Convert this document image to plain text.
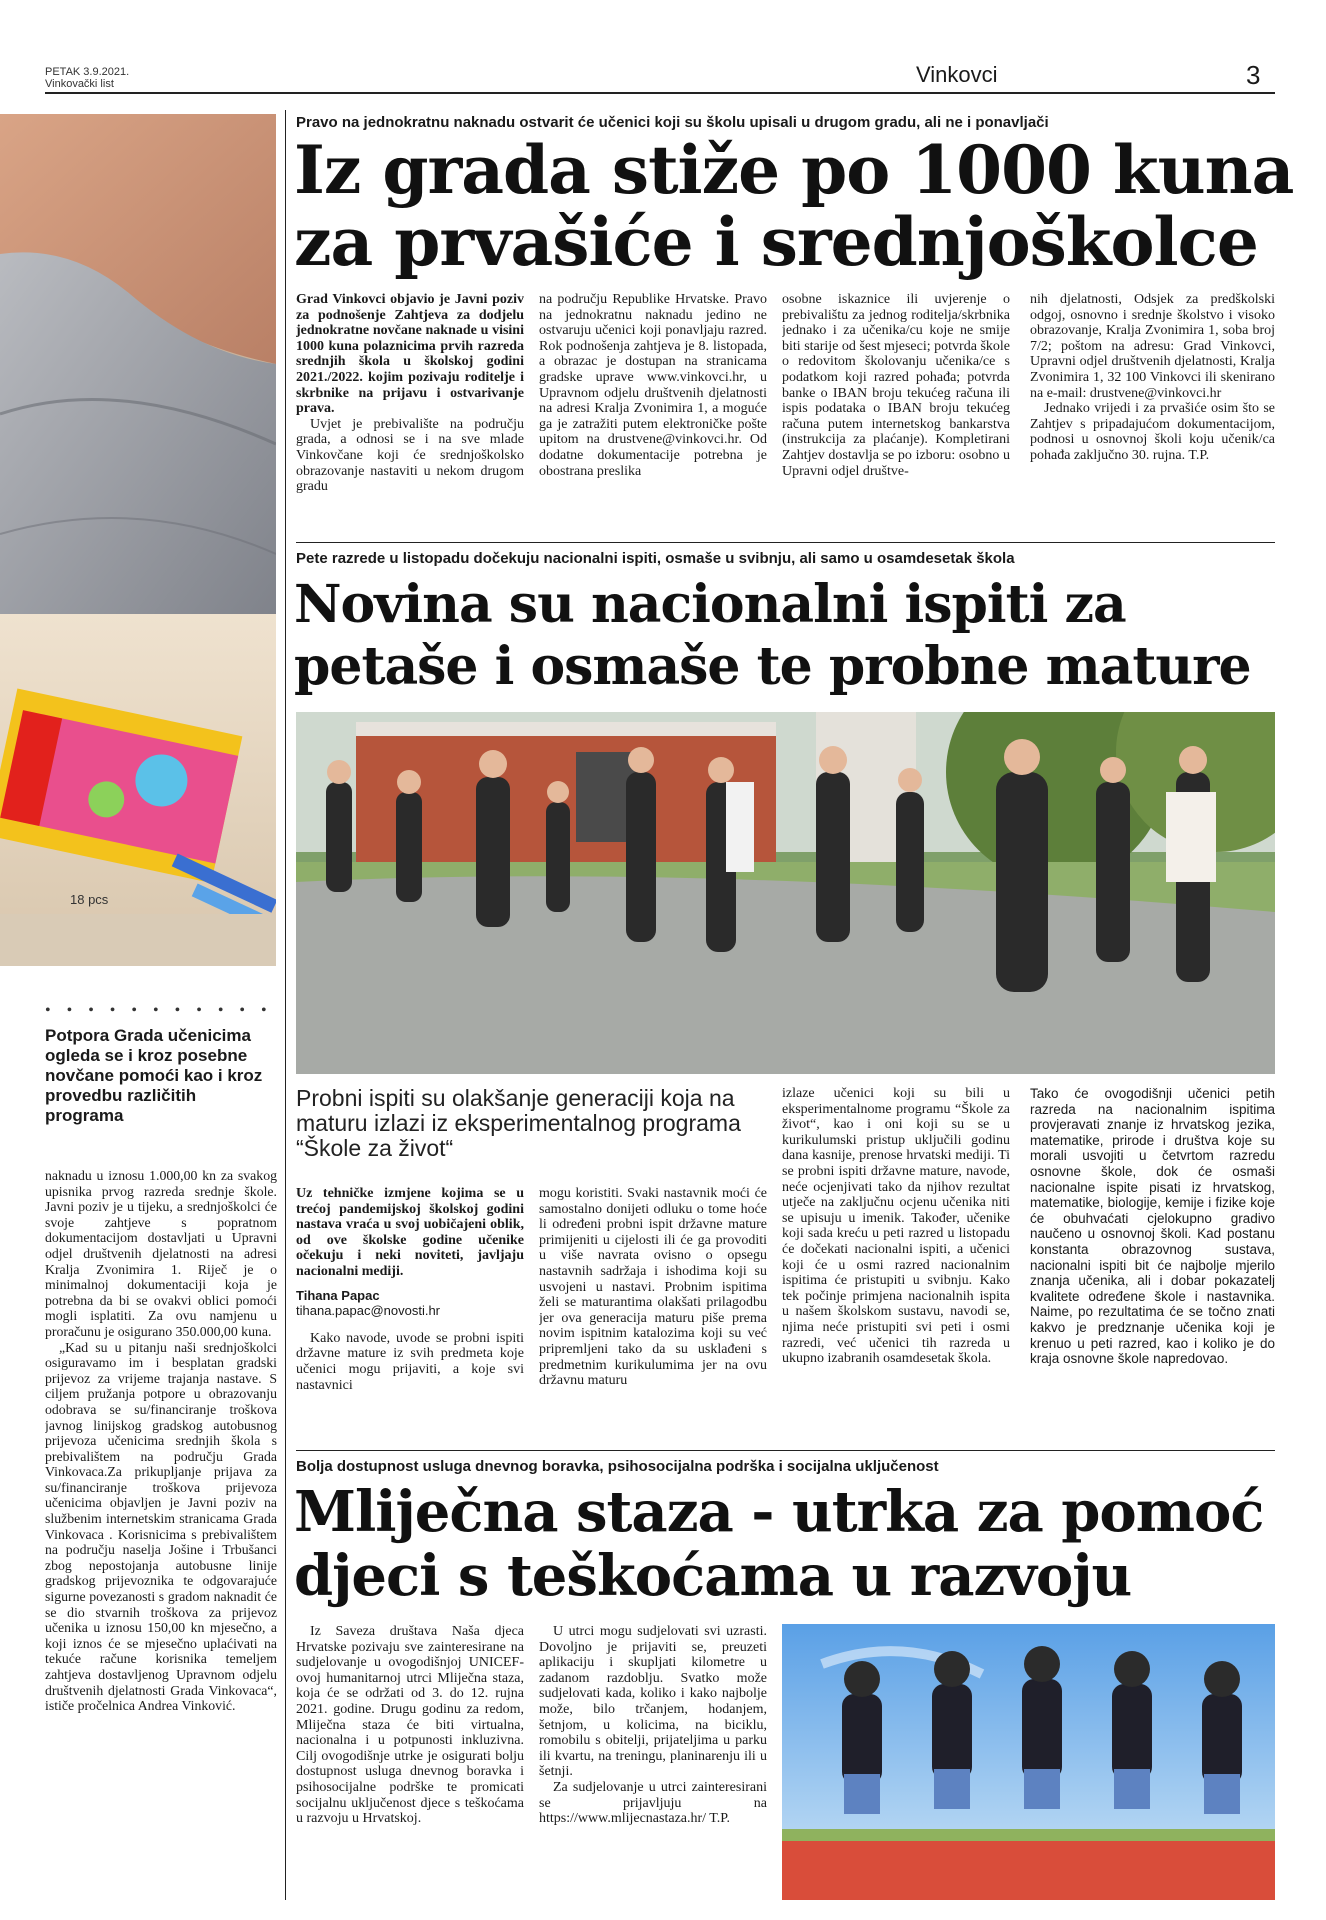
PETAK 3.9.2021.
Vinkovački list	Vinkovci	3
18 pcs
Pravo na jednokratnu naknadu ostvarit će učenici koji su školu upisali u drugom gradu, ali ne i ponavljači
Iz grada stiže po 1000 kuna
za prvašiće i srednjoškolce

Grad Vinkovci objavio je Javni poziv za podnošenje Zahtjeva za dodjelu jednokratne novčane naknade u visini 1000 kuna polaznicima prvih razreda srednjih škola u školskoj godini 2021./2022. kojim pozivaju roditelje i skrbnike na prijavu i ostvarivanje prava.

Uvjet je prebivalište na području grada, a odnosi se i na sve mlade Vinkovčane koji će srednjoškolsko obrazovanje nastaviti u nekom drugom gradu

na području Republike Hrvatske. Pravo na jednokratnu naknadu jedino ne ostvaruju učenici koji ponavljaju razred. Rok podnošenja zahtjeva je 8. listopada, a obrazac je dostupan na stranicama gradske uprave www.vinkovci.hr, u Upravnom odjelu društvenih djelatnosti na adresi Kralja Zvonimira 1, a moguće ga je zatražiti putem elektroničke pošte upitom na drustvene@vinkovci.hr. Od dodatne dokumentacije potrebna je obostrana preslika

osobne iskaznice ili uvjerenje o prebivalištu za jednog roditelja/skrbnika jednako i za učenika/cu koje ne smije biti starije od šest mjeseci; potvrda škole o redovitom školovanju učenika/ce s podatkom koji razred pohađa; potvrda banke o IBAN broju tekućeg računa ili ispis podataka o IBAN broju tekućeg računa putem internetskog bankarstva (instrukcija za plaćanje). Kompletirani Zahtjev dostavlja se po izboru: osobno u Upravni odjel društve-

nih djelatnosti, Odsjek za predškolski odgoj, osnovno i srednje školstvo i visoko obrazovanje, Kralja Zvonimira 1, soba broj 7/2; poštom na adresu: Grad Vinkovci, Upravni odjel društvenih djelatnosti, Kralja Zvonimira 1, 32 100 Vinkovci ili skenirano na e-mail: drustvene@vinkovci.hr

Jednako vrijedi i za prvašiće osim što se Zahtjev s pripadajućom dokumentacijom, podnosi u osnovnoj školi koju učenik/ca pohađa zaključno 30. rujna. T.P.

Pete razrede u listopadu dočekuju nacionalni ispiti, osmaše u svibnju, ali samo u osamdesetak škola
Novina su nacionalni ispiti za
petaše i osmaše te probne mature
Probni ispiti su olakšanje generaciji koja na maturu izlazi iz eksperimentalnog programa “Škole za život“

Uz tehničke izmjene kojima se u trećoj pandemijskoj školskoj godini nastava vraća u svoj uobičajeni oblik, od ove školske godine učenike očekuju i neki noviteti, javljaju nacionalni mediji.

Tihana Papac
tihana.papac@novosti.hr

Kako navode, uvode se probni ispiti državne mature iz svih predmeta koje učenici mogu prijaviti, a koje svi nastavnici

mogu koristiti. Svaki nastavnik moći će samostalno donijeti odluku o tome hoće li određeni probni ispit državne mature primijeniti u cijelosti ili će ga provoditi u više navrata ovisno o opsegu nastavnih sadržaja i ishodima koji su usvojeni u nastavi. Probnim ispitima želi se maturantima olakšati prilagodbu jer ova generacija maturu piše prema novim ispitnim katalozima koji su već pripremljeni tako da su usklađeni s predmetnim kurikulumima jer na ovu državnu maturu

izlaze učenici koji su bili u eksperimentalnome programu “Škole za život“, kao i oni koji su se u kurikulumski pristup uključili godinu dana kasnije, prenose hrvatski mediji. Ti se probni ispiti državne mature, navode, neće ocjenjivati tako da njihov rezultat utječe na zaključnu ocjenu učenika niti se upisuju u imenik. Također, učenike koji sada kreću u peti razred u listopadu će dočekati nacionalni ispiti, a učenici koji će u osmi razred nacionalnim ispitima će pristupiti u svibnju. Kako tek počinje primjena nacionalnih ispita u našem školskom sustavu, navodi se, njima neće pristupiti svi peti i osmi razredi, već učenici tih razreda u ukupno izabranih osamdesetak škola.

Tako će ovogodišnji učenici petih razreda na nacionalnim ispitima provjeravati znanje iz hrvatskog jezika, matematike, prirode i društva koje su morali usvojiti u četvrtom razredu osnovne škole, dok će osmaši nacionalne ispite pisati iz hrvatskog, matematike, biologije, kemije i fizike koje će obuhvaćati cjelokupno gradivo naučeno u osnovnoj školi. Kad postanu konstanta obrazovnog sustava, nacionalni ispiti bit će najbolje mjerilo znanja učenika, ali i dobar pokazatelj kvalitete određene škole i nastavnika. Naime, po rezultatima će se točno znati kakvo je predznanje učenika koji je krenuo u peti razred, kao i koliko je do kraja osnovne škole napredovao.

Bolja dostupnost usluga dnevnog boravka, psihosocijalna podrška i socijalna uključenost
Mliječna staza - utrka za pomoć
djeci s teškoćama u razvoju

Iz Saveza društava Naša djeca Hrvatske pozivaju sve zainteresirane na sudjelovanje u ovogodišnjoj UNICEF-ovoj humanitarnoj utrci Mliječna staza, koja će se održati od 3. do 12. rujna 2021. godine. Drugu godinu za redom, Mliječna staza će biti virtualna, nacionalna i u potpunosti inkluzivna. Cilj ovogodišnje utrke je osigurati bolju dostupnost usluga dnevnog boravka i psihosocijalne podrške te promicati socijalnu uključenost djece s teškoćama u razvoju u Hrvatskoj.

U utrci mogu sudjelovati svi uzrasti. Dovoljno je prijaviti se, preuzeti aplikaciju i skupljati kilometre u zadanom razdoblju. Svatko može sudjelovati kada, koliko i kako najbolje može, bilo trčanjem, hodanjem, šetnjom, u kolicima, na biciklu, romobilu s obitelji, prijateljima u parku ili kvartu, na treningu, planinarenju ili u šetnji.

Za sudjelovanje u utrci zainteresirani se prijavljuju na https://www.mlijecnastaza.hr/ T.P.

• • • • • • • • • • •
Potpora Grada učenicima ogleda se i kroz posebne novčane pomoći kao i kroz provedbu različitih programa

naknadu u iznosu 1.000,00 kn za svakog upisnika prvog razreda srednje škole. Javni poziv je u tijeku, a srednjoškolci će svoje zahtjeve s popratnom dokumentacijom dostavljati u Upravni odjel društvenih djelatnosti na adresi Kralja Zvonimira 1. Riječ je o minimalnoj dokumentaciji koja je potrebna da bi se ovakvi oblici pomoći mogli isplatiti. Za ovu namjenu u proračunu je osigurano 350.000,00 kuna.

„Kad su u pitanju naši srednjoškolci osiguravamo im i besplatan gradski prijevoz za vrijeme trajanja nastave. S ciljem pružanja potpore u obrazovanju odobrava se su/financiranje troškova javnog linijskog gradskog autobusnog prijevoza učenicima srednjih škola s prebivalištem na području Grada Vinkovaca.Za prikupljanje prijava za su/financiranje troškova prijevoza učenicima objavljen je Javni poziv na službenim internetskim stranicama Grada Vinkovaca . Korisnicima s prebivalištem na području naselja Jošine i Trbušanci zbog nepostojanja autobusne linije gradskog prijevoznika te odgovarajuće sigurne povezanosti s gradom naknadit će se dio stvarnih troškova za prijevoz učenika u iznosu 150,00 kn mjesečno, a koji iznos će se mjesečno uplaćivati na tekuće račune korisnika temeljem zahtjeva dostavljenog Upravnom odjelu društvenih djelatnosti Grada Vinkovaca“, ističe pročelnica Andrea Vinković.
